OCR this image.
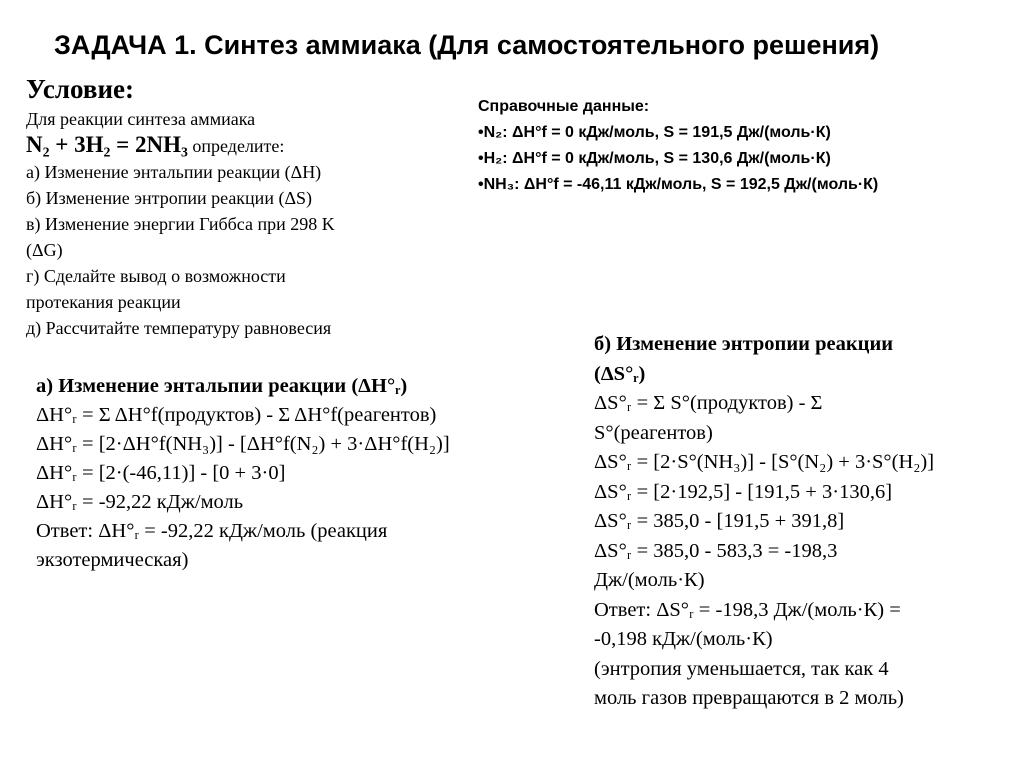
ЗАДАЧА 1. Синтез аммиака (Для самостоятельного решения)
Условие:
Для реакции синтеза аммиака
N₂ + 3H₂ = 2NH₃ определите:
а) Изменение энтальпии реакции (ΔH)
б) Изменение энтропии реакции (ΔS)
в) Изменение энергии Гиббса при 298 K
(ΔG)
г) Сделайте вывод о возможности
протекания реакции
д) Рассчитайте температуру равновесия
Справочные данные:
•N₂: ΔH°f = 0 кДж/моль, S = 191,5 Дж/(моль·К)
•H₂: ΔH°f = 0 кДж/моль, S = 130,6 Дж/(моль·К)
•NH₃: ΔH°f = -46,11 кДж/моль, S = 192,5 Дж/(моль·К)
а) Изменение энтальпии реакции (ΔH°ᵣ)
ΔH°ᵣ = Σ ΔH°f(продуктов) - Σ ΔH°f(реагентов)
ΔH°ᵣ = [2·ΔH°f(NH₃)] - [ΔH°f(N₂) + 3·ΔH°f(H₂)]
ΔH°ᵣ = [2·(-46,11)] - [0 + 3·0]
ΔH°ᵣ = -92,22 кДж/моль
Ответ: ΔH°ᵣ = -92,22 кДж/моль (реакция
экзотермическая)
б) Изменение энтропии реакции
(ΔS°ᵣ)
ΔS°ᵣ = Σ S°(продуктов) - Σ
S°(реагентов)
ΔS°ᵣ = [2·S°(NH₃)] - [S°(N₂) + 3·S°(H₂)]
ΔS°ᵣ = [2·192,5] - [191,5 + 3·130,6]
ΔS°ᵣ = 385,0 - [191,5 + 391,8]
ΔS°ᵣ = 385,0 - 583,3 = -198,3
Дж/(моль·К)
Ответ: ΔS°ᵣ = -198,3 Дж/(моль·К) =
-0,198 кДж/(моль·К)
(энтропия уменьшается, так как 4
моль газов превращаются в 2 моль)
